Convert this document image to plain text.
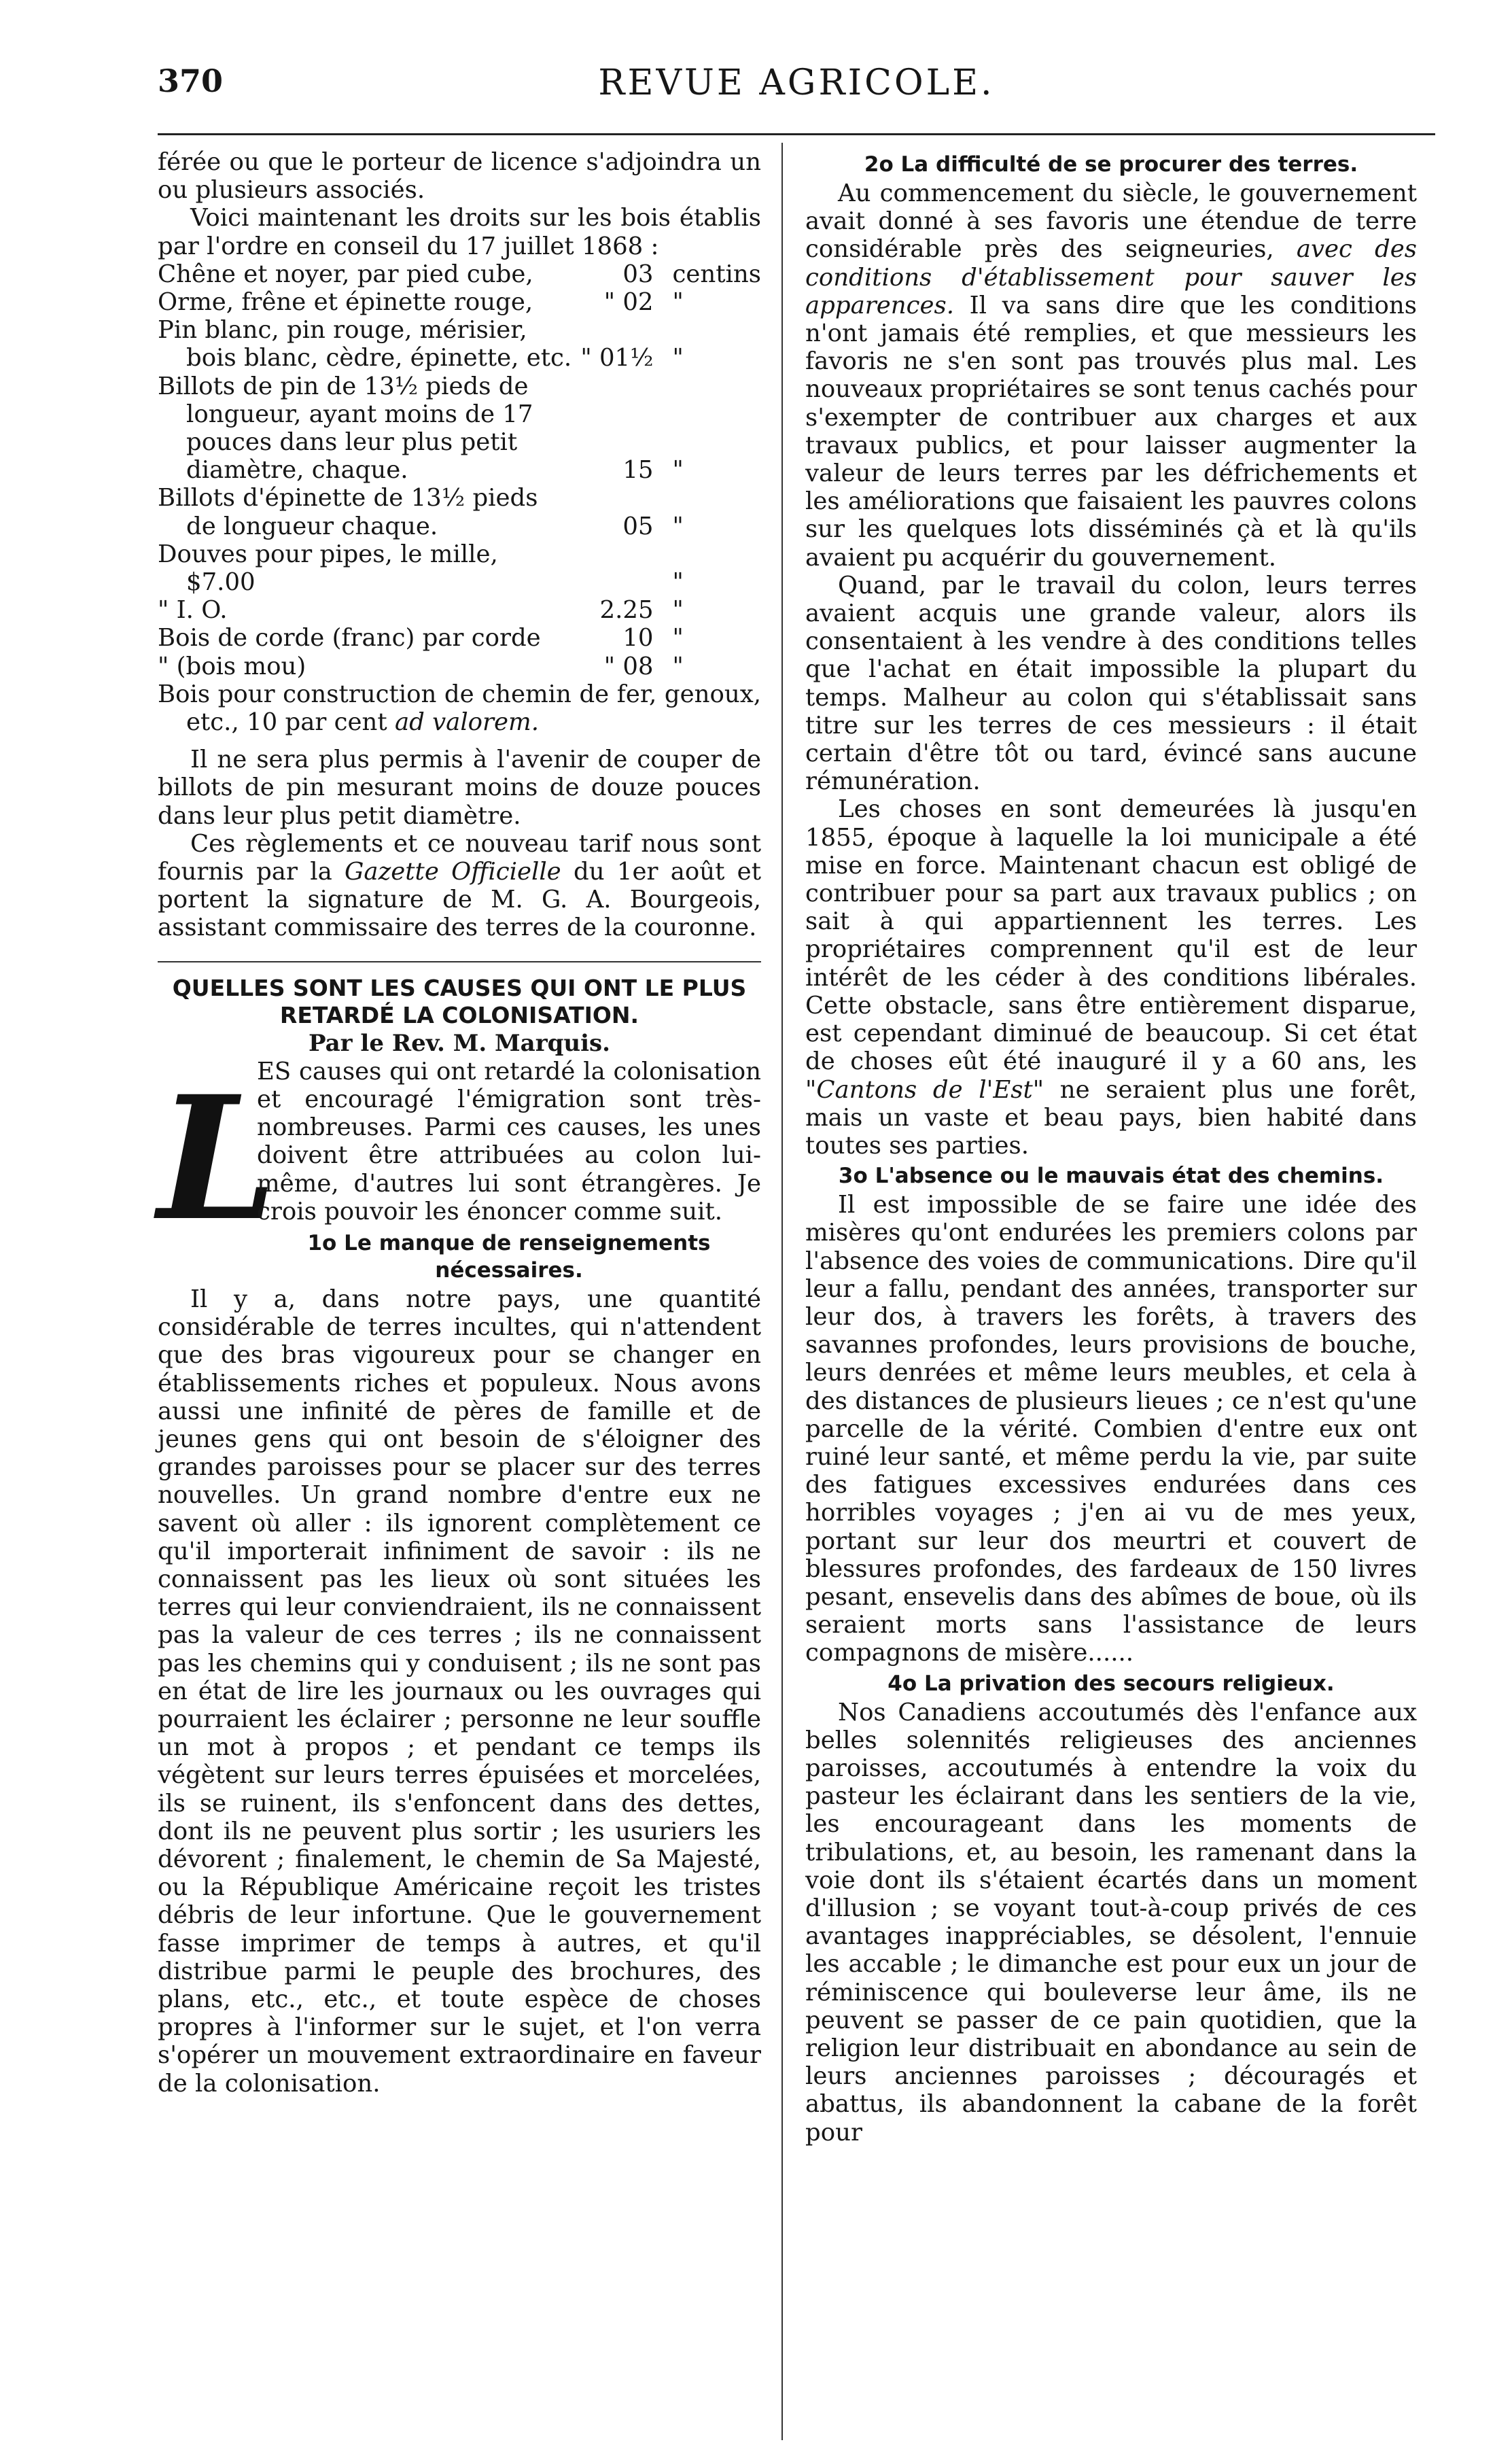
370	REVUE AGRICOLE.

férée ou que le porteur de licence s'adjoindra un ou plusieurs associés.

Voici maintenant les droits sur les bois établis par l'ordre en conseil du 17 juillet 1868 :

Chêne et noyer, par pied cube,	03	centins
Orme, frêne et épinette rouge,	" 02	"
Pin blanc, pin rouge, mérisier, bois blanc, cèdre, épinette, etc.	" 01½	"
Billots de pin de 13½ pieds de longueur, ayant moins de 17 pouces dans leur plus petit diamètre, chaque.	15	"
Billots d'épinette de 13½ pieds de longueur chaque.	05	"
Douves pour pipes, le mille, $7.00		"
" I. O.	2.25	"
Bois de corde (franc) par corde	10	"
" (bois mou)	" 08	"

Bois pour construction de chemin de fer, genoux, etc., 10 par cent ad valorem.

Il ne sera plus permis à l'avenir de couper de billots de pin mesurant moins de douze pouces dans leur plus petit diamètre.

Ces règlements et ce nouveau tarif nous sont fournis par la Gazette Officielle du 1er août et portent la signature de M. G. A. Bourgeois, assistant commissaire des terres de la couronne.

QUELLES SONT LES CAUSES QUI ONT LE PLUS RETARDÉ LA COLONISATION.
Par le Rev. M. Marquis.
L

ES causes qui ont retardé la colonisation et encouragé l'émigration sont très-nombreuses. Parmi ces causes, les unes doivent être attribuées au colon lui-même, d'autres lui sont étrangères. Je crois pouvoir les énoncer comme suit.

1o Le manque de renseignements nécessaires.

Il y a, dans notre pays, une quantité considérable de terres incultes, qui n'attendent que des bras vigoureux pour se changer en établissements riches et populeux. Nous avons aussi une infinité de pères de famille et de jeunes gens qui ont besoin de s'éloigner des grandes paroisses pour se placer sur des terres nouvelles. Un grand nombre d'entre eux ne savent où aller : ils ignorent complètement ce qu'il importerait infiniment de savoir : ils ne connaissent pas les lieux où sont situées les terres qui leur conviendraient, ils ne connaissent pas la valeur de ces terres ; ils ne connaissent pas les chemins qui y conduisent ; ils ne sont pas en état de lire les journaux ou les ouvrages qui pourraient les éclairer ; personne ne leur souffle un mot à propos ; et pendant ce temps ils végètent sur leurs terres épuisées et morcelées, ils se ruinent, ils s'enfoncent dans des dettes, dont ils ne peuvent plus sortir ; les usuriers les dévorent ; finalement, le chemin de Sa Majesté, ou la République Américaine reçoit les tristes débris de leur infortune. Que le gouvernement fasse imprimer de temps à autres, et qu'il distribue parmi le peuple des brochures, des plans, etc., etc., et toute espèce de choses propres à l'informer sur le sujet, et l'on verra s'opérer un mouvement extraordinaire en faveur de la colonisation.

2o La difficulté de se procurer des terres.

Au commencement du siècle, le gouvernement avait donné à ses favoris une étendue de terre considérable près des seigneuries, avec des conditions d'établissement pour sauver les apparences. Il va sans dire que les conditions n'ont jamais été remplies, et que messieurs les favoris ne s'en sont pas trouvés plus mal. Les nouveaux propriétaires se sont tenus cachés pour s'exempter de contribuer aux charges et aux travaux publics, et pour laisser augmenter la valeur de leurs terres par les défrichements et les améliorations que faisaient les pauvres colons sur les quelques lots disséminés çà et là qu'ils avaient pu acquérir du gouvernement.

Quand, par le travail du colon, leurs terres avaient acquis une grande valeur, alors ils consentaient à les vendre à des conditions telles que l'achat en était impossible la plupart du temps. Malheur au colon qui s'établissait sans titre sur les terres de ces messieurs : il était certain d'être tôt ou tard, évincé sans aucune rémunération.

Les choses en sont demeurées là jusqu'en 1855, époque à laquelle la loi municipale a été mise en force. Maintenant chacun est obligé de contribuer pour sa part aux travaux publics ; on sait à qui appartiennent les terres. Les propriétaires comprennent qu'il est de leur intérêt de les céder à des conditions libérales. Cette obstacle, sans être entièrement disparue, est cependant diminué de beaucoup. Si cet état de choses eût été inauguré il y a 60 ans, les "Cantons de l'Est" ne seraient plus une forêt, mais un vaste et beau pays, bien habité dans toutes ses parties.

3o L'absence ou le mauvais état des chemins.

Il est impossible de se faire une idée des misères qu'ont endurées les premiers colons par l'absence des voies de communications. Dire qu'il leur a fallu, pendant des années, transporter sur leur dos, à travers les forêts, à travers des savannes profondes, leurs provisions de bouche, leurs denrées et même leurs meubles, et cela à des distances de plusieurs lieues ; ce n'est qu'une parcelle de la vérité. Combien d'entre eux ont ruiné leur santé, et même perdu la vie, par suite des fatigues excessives endurées dans ces horribles voyages ; j'en ai vu de mes yeux, portant sur leur dos meurtri et couvert de blessures profondes, des fardeaux de 150 livres pesant, ensevelis dans des abîmes de boue, où ils seraient morts sans l'assistance de leurs compagnons de misère......

4o La privation des secours religieux.

Nos Canadiens accoutumés dès l'enfance aux belles solennités religieuses des anciennes paroisses, accoutumés à entendre la voix du pasteur les éclairant dans les sentiers de la vie, les encourageant dans les moments de tribulations, et, au besoin, les ramenant dans la voie dont ils s'étaient écartés dans un moment d'illusion ; se voyant tout-à-coup privés de ces avantages inappréciables, se désolent, l'ennuie les accable ; le dimanche est pour eux un jour de réminiscence qui bouleverse leur âme, ils ne peuvent se passer de ce pain quotidien, que la religion leur distribuait en abondance au sein de leurs anciennes paroisses ; découragés et abattus, ils abandonnent la cabane de la forêt pour
